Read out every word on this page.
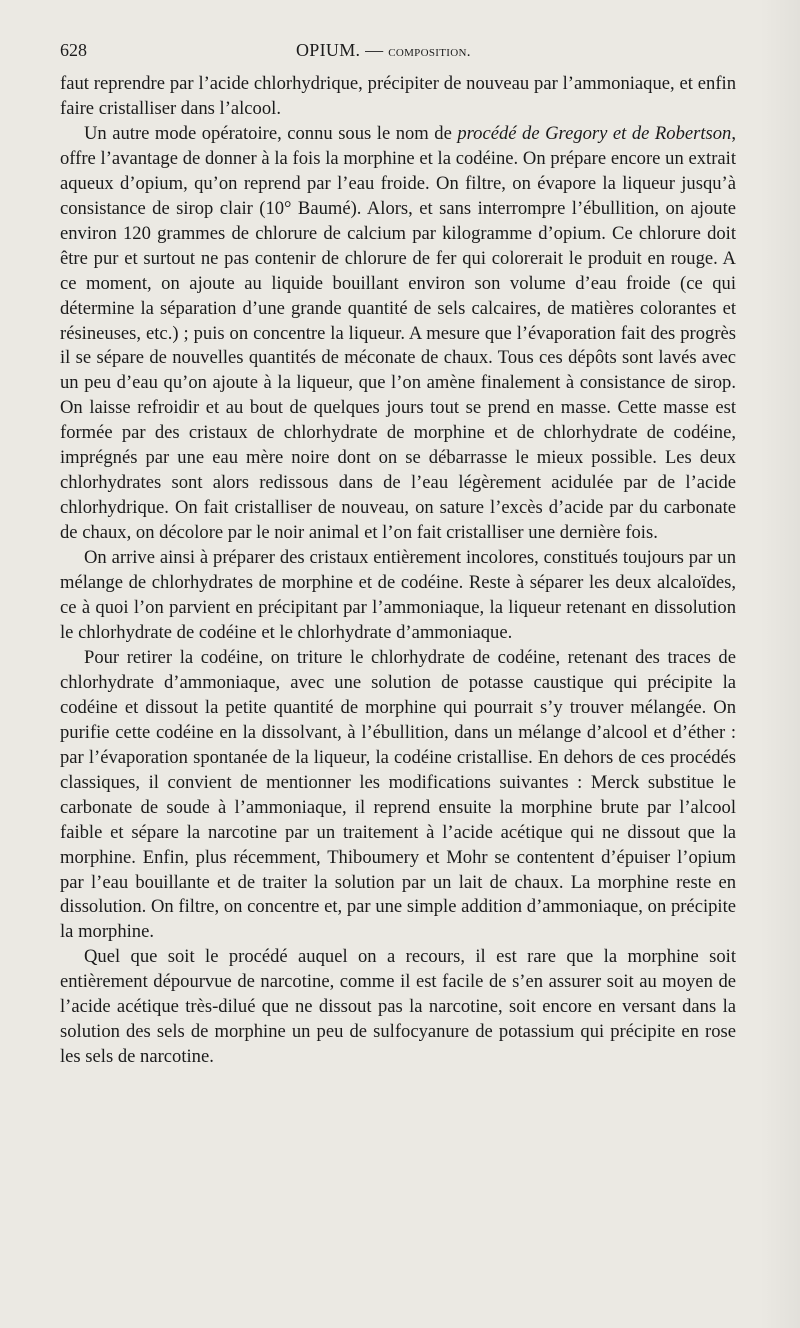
628	OPIUM. — composition.

faut reprendre par l’acide chlorhydrique, précipiter de nouveau par l’ammoniaque, et enfin faire cristalliser dans l’alcool.

Un autre mode opératoire, connu sous le nom de procédé de Gregory et de Robertson, offre l’avantage de donner à la fois la morphine et la codéine. On prépare encore un extrait aqueux d’opium, qu’on reprend par l’eau froide. On filtre, on évapore la liqueur jusqu’à consistance de sirop clair (10° Baumé). Alors, et sans interrompre l’ébullition, on ajoute environ 120 grammes de chlorure de calcium par kilogramme d’opium. Ce chlorure doit être pur et surtout ne pas contenir de chlorure de fer qui colorerait le produit en rouge. A ce moment, on ajoute au liquide bouillant environ son volume d’eau froide (ce qui détermine la séparation d’une grande quantité de sels calcaires, de matières colorantes et résineuses, etc.) ; puis on concentre la liqueur. A mesure que l’évaporation fait des progrès il se sépare de nouvelles quantités de méconate de chaux. Tous ces dépôts sont lavés avec un peu d’eau qu’on ajoute à la liqueur, que l’on amène finalement à consistance de sirop. On laisse refroidir et au bout de quelques jours tout se prend en masse. Cette masse est formée par des cristaux de chlorhydrate de morphine et de chlorhydrate de codéine, imprégnés par une eau mère noire dont on se débarrasse le mieux possible. Les deux chlorhydrates sont alors redissous dans de l’eau légèrement acidulée par de l’acide chlorhydrique. On fait cristalliser de nouveau, on sature l’excès d’acide par du carbonate de chaux, on décolore par le noir animal et l’on fait cristalliser une dernière fois.

On arrive ainsi à préparer des cristaux entièrement incolores, constitués toujours par un mélange de chlorhydrates de morphine et de codéine. Reste à séparer les deux alcaloïdes, ce à quoi l’on parvient en précipitant par l’ammoniaque, la liqueur retenant en dissolution le chlorhydrate de codéine et le chlorhydrate d’ammoniaque.

Pour retirer la codéine, on triture le chlorhydrate de codéine, retenant des traces de chlorhydrate d’ammoniaque, avec une solution de potasse caustique qui précipite la codéine et dissout la petite quantité de morphine qui pourrait s’y trouver mélangée. On purifie cette codéine en la dissolvant, à l’ébullition, dans un mélange d’alcool et d’éther : par l’évaporation spontanée de la liqueur, la codéine cristallise. En dehors de ces procédés classiques, il convient de mentionner les modifications suivantes : Merck substitue le carbonate de soude à l’ammoniaque, il reprend ensuite la morphine brute par l’alcool faible et sépare la narcotine par un traitement à l’acide acétique qui ne dissout que la morphine. Enfin, plus récemment, Thiboumery et Mohr se contentent d’épuiser l’opium par l’eau bouillante et de traiter la solution par un lait de chaux. La morphine reste en dissolution. On filtre, on concentre et, par une simple addition d’ammoniaque, on précipite la morphine.

Quel que soit le procédé auquel on a recours, il est rare que la morphine soit entièrement dépourvue de narcotine, comme il est facile de s’en assurer soit au moyen de l’acide acétique très-dilué que ne dissout pas la narcotine, soit encore en versant dans la solution des sels de morphine un peu de sulfocyanure de potassium qui précipite en rose les sels de narcotine.
